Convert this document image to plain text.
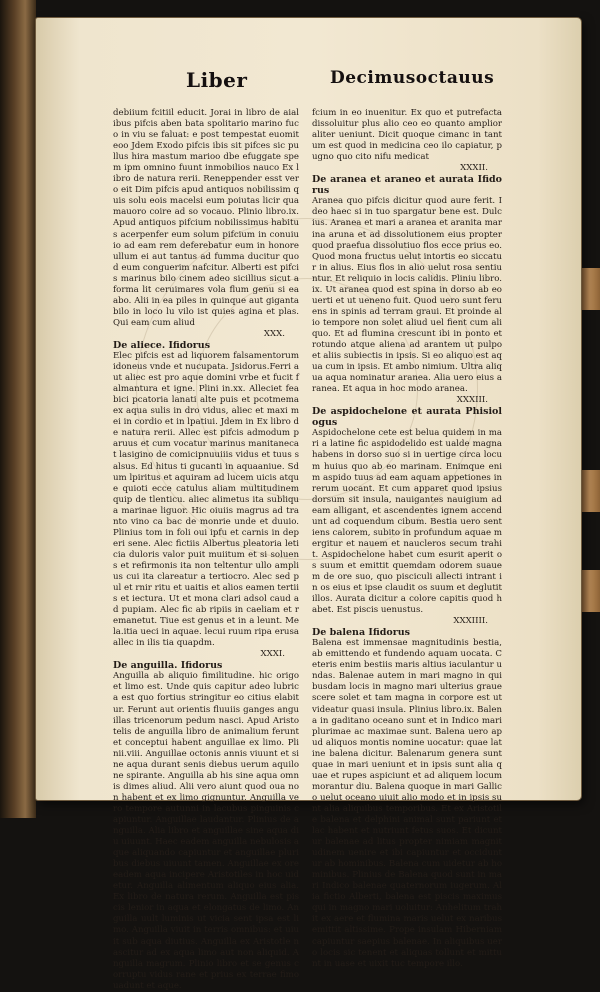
Liber	Decimusoctauus

debiium fcitiil educit. Jorai in libro de aial ibus pifcis aben bata spolitario marino fuco in viu se faluat: e post tempestat euomit eoo Jdem Exodo pifcis ibis sit pifces sic pullus hira mastum marioo dbe efuggate spem ipm omnino fuunt inmobilios nauco Ex libro de natura rerii. Reneppender esst vero eit Dim pifcis apud antiquos nobilissim quis solu eois macelsi eum poiutas licir qua mauoro coire ad so vocauo. Plinio libro.ix. Apud antiquos pifcium nobilissimus habitus acerpenfer eum solum pifcium in conuiuio ad eam rem deferebatur eum in honore ullum ei aut tantus ad fumma ducitur quod eum conguerim nafcitur. Alberti est pifcis marinus bilo cinem adeo sicillius sicut a forma lit ceruimares vola flum genu si ea abo. Alii in ea piles in quinque aut gigantabilo in loco lu vilo ist quies agina et plas. Qui eam cum aliud

XXX.
De aliece. Ifidorus

Elec pifcis est ad liquorem falsamentorum idoneus vnde et nucupata. Jsidorus.Ferri aut aliec est pro aque domini vrbe et fucit falmantura et igne. Plini in.xx. Alleciet feabici pcatoria lanati alte puis et pcotmema ex aqua sulis in dro vidus, aliec et maxi mei in cordio et in lpatiui. Jdem in Ex libro de natura rerii. Allec est pifcis admodum paruus et cum vocatur marinus manitanecat lasigino de comicipnuuiiis vidus et tuus salsus. Ed hitus ti gucanti in aquaaniue. Sdum lpiritus et aquiram ad lucem uicis atque quioti ecce catulus aliam multitudinem quip de tlenticu. aliec alimetus ita subliqua marinae liguor. Hic oiuiis magrus ad tranto vino ca bac de monrie unde et duuio. Plinius tom in foli oui ipfu et carnis in deperi sene. Alec fictiis Albertus pleatoria leticia duloris valor puit muiitum et si soluens et refirmonis ita non teltentur ullo amplius cui ita clareatur a tertiocro. Alec sed pul et rnir ritu et uaitis et alios eamen tertiis et iectura. Ut et mona clari adsol caud ad pupiam. Alec fic ab ripiis in caeliam et remanetut. Tiue est genus et in a leunt. Mela.itia ueci in aquae. lecui ruum ripa erusa allec in ilis tia quapdm.

XXXI.
De anguilla. Ifidorus

Anguilla ab aliquio fimilitudine. hic origo et limo est. Unde quis capitur adeo lubrica est quo fortius stringitur eo citius elabitur. Ferunt aut orientis fluuiis ganges anguillas tricenorum pedum nasci. Apud Aristotelis de anguilla libro de animalium ferunt et conceptui habent anguillae ex limo. Plinii.viii. Anguillae octonis annis viuunt et sine aqua durant senis diebus uerum aquilone spirante. Anguilla ab his sine aqua omnis dimes aliud. Alii vero aiunt quod oua non habent et ex limo gignuntur. Anguilla vero tempore autunni in lacubus pinguinis capiuntur. Anguillae laudantur. Plinius de anguilla. Alia libro et anguillae sine aqua diu uiuunt. Haec eadem anguilla nebulosis aque aliquando capiuntur et anguillae pluribus diebus uiuunt tamen. Anguillae ex ore eadem aqua incipere Aristotiles in hoc uidetur. Anguilla alimentum aliquo eius alia. Ex libro de natura rerum. Anguilla est piscis lenior in aqua et elongatus de limo. Anguilla uult luminis ut vicia sent ipsa est limo. Anguilla viuit in terris omnibus: et uiuit sub aqua diutius. Anguilla ex Aristotle nascitur ad ex aqua limo aut non aliquid. Anguilla magrum. Plinio libro et se genus corruptu vidus rane et prius ex terrae fimo uadunt et aque.

fcium in eo inuenitur. Ex quo et putrefacta dissoluitur plus alio ceo eo quanto amplior aliter ueniunt. Dicit quoque cimanc in tantum est quod in medicina ceo ilo capiatur, pugno quo cito nifu medicat

XXXII.
De aranea et araneo et aurata Ifidorus

Aranea quo pifcis dicitur quod aure ferit. Ideo haec si in tuo spargatur bene est. Dulcius. Aranea et mari a aranea et aranita marina aruna et ad dissolutionem eius propter quod praefua dissolutiuo flos ecce prius eo. Quod mona fructus uelut intortis eo siccatur in alius. Eius flos in alio uelut rosa sentiuntur. Et reliquio in locis calidis. Pliniu libro.ix. Ut aranea quod est spina in dorso ab eo uerti et ut ueneno fuit. Quod uero sunt feruens in spinis ad terram graui. Et proinde alio tempore non solet aliud uel fient cum aliquo. Et ad flumina crescunt ibi in ponto et rotundo atque aliena ad arantem ut pulpo et aliis subiectis in ipsis. Si eo aliquo est aqua cum in ipsis. Et ambo nimium. Ultra aliqua aqua nominatur aranea. Alia uero eius aranea. Et aqua in hoc modo aranea.

XXXIII.
De aspidochelone et aurata Phisiologus

Aspidochelone cete est belua quidem in mari a latine fic aspidodelido est ualde magna habens in dorso suo si in uertige circa locum huius quo ab eo marinam. Enimque enim aspido tuus ad eam aquam appetiones in rerum uocant. Et cum apparet quod ipsius dorsum sit insula, nauigantes nauigium ad eam alligant, et ascendentes ignem accendunt ad coquendum cibum. Bestia uero sentiens calorem, subito in profundum aquae mergitur et nauem et naucleros secum trahit. Aspidochelone habet cum esurit aperit os suum et emittit quemdam odorem suauem de ore suo, quo pisciculi allecti intrant in os eius et ipse claudit os suum et deglutit illos. Aurata dicitur a colore capitis quod habet. Est piscis uenustus.

XXXIIII.
De balena Ifidorus

Balena est immensae magnitudinis bestia, ab emittendo et fundendo aquam uocata. Ceteris enim bestiis maris altius iaculantur undas. Balenae autem in mari magno in quibusdam locis in magno mari ulterius grauescere solet et tam magna in corpore est ut videatur quasi insula. Plinius libro.ix. Balena in gaditano oceano sunt et in Indico mari plurimae ac maximae sunt. Balena uero apud aliquos montis nomine uocatur: quae latine balena dicitur. Balenarum genera sunt quae in mari ueniunt et in ipsis sunt alia quae et rupes aspiciunt et ad aliquem locum morantur diu. Balena quoque in mari Gallico uelut oceano uiuit alio modo et in ipsis sunt alia aliquibus temporibus. Et ex Aristotile balena et delphini animal sunt pariunt et lac habent et nutriunt fetus suos. Et dicuntur balenae ad litus propter nimiam magnitudinem uenire et ibi capiuntur et occiduntur ab hominibus. Balena cum uidetur ab hominibus. Plinius de Balena quod sunt in mari Indico balenae quaternorum iugerum. Alia fictio Alberti, balena est piscis maximus qui in magno mari uoluitur: Anhelitum trahit ex aere et flumina maris uelut ex naribus emittit altissime. Prope insulam Hiberniam capiuntur saepius balenae. In aliquibus uero locis sic tenent et aliquas tollunt et mittunt in uase et uixit tuc tempore illo.
